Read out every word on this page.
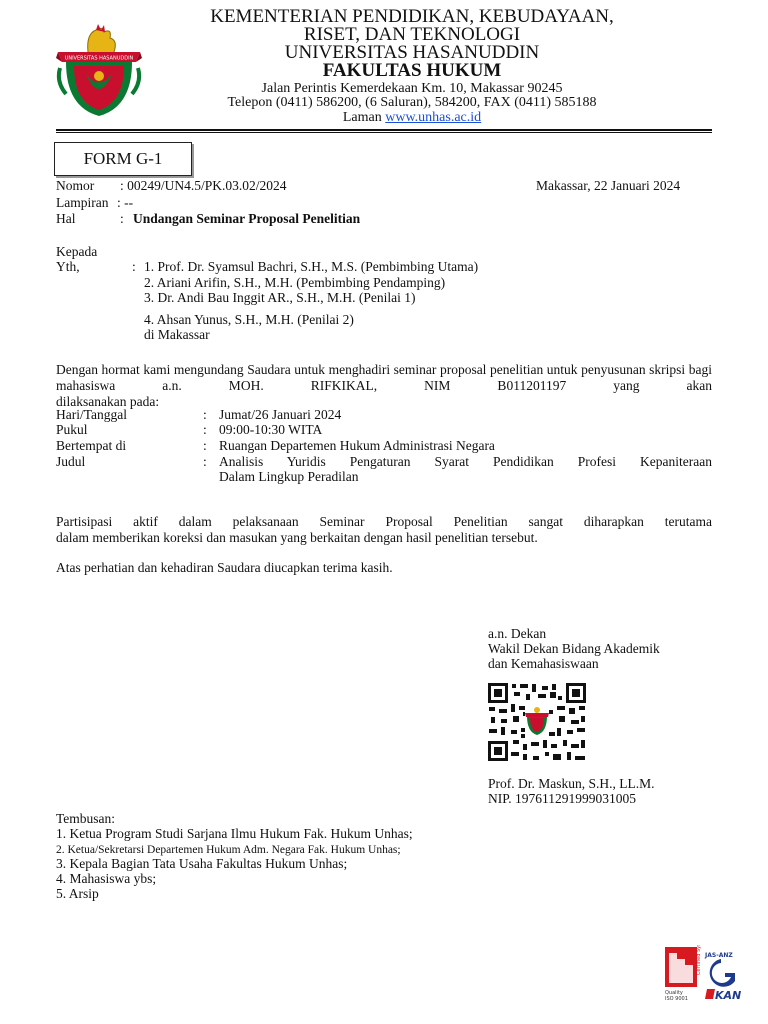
UNIVERSITAS HASANUDDIN
KEMENTERIAN PENDIDIKAN, KEBUDAYAAN,
RISET, DAN TEKNOLOGI
UNIVERSITAS HASANUDDIN
FAKULTAS HUKUM
Jalan Perintis Kemerdekaan Km. 10, Makassar 90245
Telepon (0411) 586200, (6 Saluran), 584200, FAX (0411) 585188
Laman www.unhas.ac.id
FORM G-1
Nomor : 00249/UN4.5/PK.03.02/2024	Makassar, 22 Januari 2024
Lampiran : --
Hal	: Undangan Seminar Proposal Penelitian
Kepada
Yth,	: 1. Prof. Dr. Syamsul Bachri, S.H., M.S. (Pembimbing Utama)
2. Ariani Arifin, S.H., M.H. (Pembimbing Pendamping)
3. Dr. Andi Bau Inggit AR., S.H., M.H. (Penilai 1)
4. Ahsan Yunus, S.H., M.H. (Penilai 2)
di Makassar
Dengan hormat kami mengundang Saudara untuk menghadiri seminar proposal penelitian untuk penyusunan skripsi bagi mahasiswa a.n. MOH. RIFKIKAL, NIM B011201197 yang akan
dilaksanakan pada:
Hari/Tanggal	: Jumat/26 Januari 2024
Pukul	: 09:00-10:30 WITA
Bertempat di	: Ruangan Departemen Hukum Administrasi Negara
Judul	: Analisis Yuridis Pengaturan Syarat Pendidikan Profesi Kepaniteraan
Dalam Lingkup Peradilan
Partisipasi aktif dalam pelaksanaan Seminar Proposal Penelitian sangat diharapkan terutama
dalam memberikan koreksi dan masukan yang berkaitan dengan hasil penelitian tersebut.
Atas perhatian dan kehadiran Saudara diucapkan terima kasih.
a.n. Dekan
Wakil Dekan Bidang Akademik
dan Kemahasiswaan
Prof. Dr. Maskun, S.H., LL.M.
NIP. 197611291999031005
Tembusan:
1. Ketua Program Studi Sarjana Ilmu Hukum Fak. Hukum Unhas;
2. Ketua/Sekretarsi Departemen Hukum Adm. Negara Fak. Hukum Unhas;
3. Kepala Bagian Tata Usaha Fakultas Hukum Unhas;
4. Mahasiswa ybs;
5. Arsip
Certified System
Quality
ISO 9001
JAS-ANZ
KAN
